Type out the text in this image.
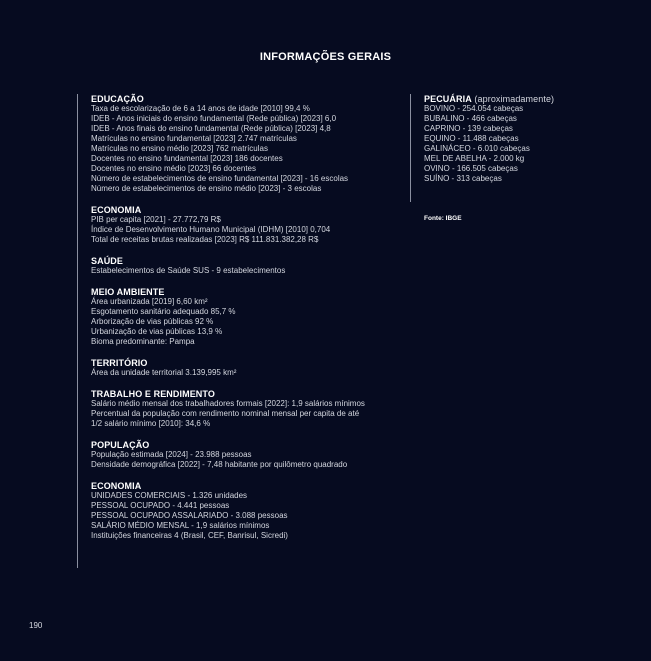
INFORMAÇÕES GERAIS
EDUCAÇÃO
Taxa de escolarização de 6 a 14 anos de idade [2010] 99,4 %
IDEB - Anos iniciais do ensino fundamental (Rede pública) [2023] 6,0
IDEB - Anos finais do ensino fundamental (Rede pública) [2023] 4,8
Matrículas no ensino fundamental [2023] 2.747 matrículas
Matrículas no ensino médio [2023] 762 matrículas
Docentes no ensino fundamental [2023] 186 docentes
Docentes no ensino médio [2023] 66 docentes
Número de estabelecimentos de ensino fundamental [2023] - 16 escolas
Número de estabelecimentos de ensino médio [2023] - 3 escolas
ECONOMIA
PIB per capita [2021] - 27.772,79 R$
Índice de Desenvolvimento Humano Municipal (IDHM) [2010] 0,704
Total de receitas brutas realizadas [2023] R$ 111.831.382,28 R$
SAÚDE
Estabelecimentos de Saúde SUS - 9 estabelecimentos
MEIO AMBIENTE
Área urbanizada [2019] 6,60 km²
Esgotamento sanitário adequado 85,7 %
Arborização de vias públicas 92 %
Urbanização de vias públicas 13,9 %
Bioma predominante: Pampa
TERRITÓRIO
Área da unidade territorial 3.139,995 km²
TRABALHO E RENDIMENTO
Salário médio mensal dos trabalhadores formais [2022]: 1,9 salários mínimos
Percentual da população com rendimento nominal mensal per capita de até
1/2 salário mínimo [2010]: 34,6 %
POPULAÇÃO
População estimada [2024] - 23.988 pessoas
Densidade demográfica [2022] - 7,48 habitante por quilômetro quadrado
ECONOMIA
UNIDADES COMERCIAIS - 1.326 unidades
PESSOAL OCUPADO - 4.441 pessoas
PESSOAL OCUPADO ASSALARIADO - 3.088 pessoas
SALÁRIO MÉDIO MENSAL - 1,9 salários mínimos
Instituições financeiras 4 (Brasil, CEF, Banrisul, Sicredi)
PECUÁRIA (aproximadamente)
BOVINO - 254.054 cabeças
BUBALINO - 466 cabeças
CAPRINO - 139 cabeças
EQUINO - 11.488 cabeças
GALINÁCEO - 6.010 cabeças
MEL DE ABELHA - 2.000 kg
OVINO - 166.505 cabeças
SUÍNO - 313 cabeças
Fonte: IBGE
190
